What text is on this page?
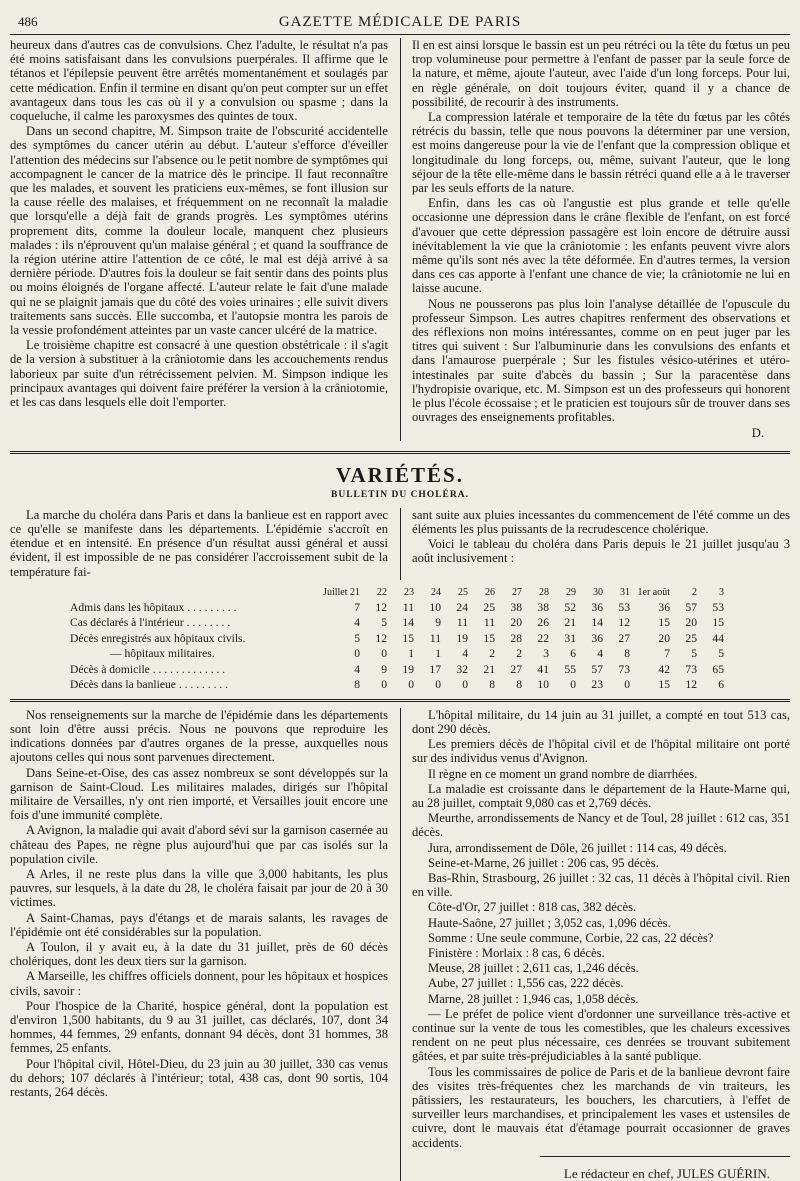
486	GAZETTE MÉDICALE DE PARIS

heureux dans d'autres cas de convulsions. Chez l'adulte, le résultat n'a pas été moins satisfaisant dans les convulsions puerpérales. Il affirme que le tétanos et l'épilepsie peuvent être arrêtés momentanément et soulagés par cette médication. Enfin il termine en disant qu'on peut compter sur un effet avantageux dans tous les cas où il y a convulsion ou spasme ; dans la coqueluche, il calme les paroxysmes des quintes de toux.

Dans un second chapitre, M. Simpson traite de l'obscurité accidentelle des symptômes du cancer utérin au début. L'auteur s'efforce d'éveiller l'attention des médecins sur l'absence ou le petit nombre de symptômes qui accompagnent le cancer de la matrice dès le principe. Il faut reconnaître que les malades, et souvent les praticiens eux-mêmes, se font illusion sur la cause réelle des malaises, et fréquemment on ne reconnaît la maladie que lorsqu'elle a déjà fait de grands progrès. Les symptômes utérins proprement dits, comme la douleur locale, manquent chez plusieurs malades : ils n'éprouvent qu'un malaise général ; et quand la souffrance de la région utérine attire l'attention de ce côté, le mal est déjà arrivé à sa dernière période. D'autres fois la douleur se fait sentir dans des points plus ou moins éloignés de l'organe affecté. L'auteur relate le fait d'une malade qui ne se plaignit jamais que du côté des voies urinaires ; elle suivit divers traitements sans succès. Elle succomba, et l'autopsie montra les parois de la vessie profondément atteintes par un vaste cancer ulcéré de la matrice.

Le troisième chapitre est consacré à une question obstétricale : il s'agit de la version à substituer à la crâniotomie dans les accouchements rendus laborieux par suite d'un rétrécissement pelvien. M. Simpson indique les principaux avantages qui doivent faire préférer la version à la crâniotomie, et les cas dans lesquels elle doit l'emporter.

Il en est ainsi lorsque le bassin est un peu rétréci ou la tête du fœtus un peu trop volumineuse pour permettre à l'enfant de passer par la seule force de la nature, et même, ajoute l'auteur, avec l'aide d'un long forceps. Pour lui, en règle générale, on doit toujours éviter, quand il y a chance de possibilité, de recourir à des instruments.

La compression latérale et temporaire de la tête du fœtus par les côtés rétrécis du bassin, telle que nous pouvons la déterminer par une version, est moins dangereuse pour la vie de l'enfant que la compression oblique et longitudinale du long forceps, ou, même, suivant l'auteur, que le long séjour de la tête elle-même dans le bassin rétréci quand elle a à le traverser par les seuls efforts de la nature.

Enfin, dans les cas où l'angustie est plus grande et telle qu'elle occasionne une dépression dans le crâne flexible de l'enfant, on est forcé d'avouer que cette dépression passagère est loin encore de détruire aussi inévitablement la vie que la crâniotomie : les enfants peuvent vivre alors même qu'ils sont nés avec la tête déformée. En d'autres termes, la version dans ces cas apporte à l'enfant une chance de vie; la crâniotomie ne lui en laisse aucune.

Nous ne pousserons pas plus loin l'analyse détaillée de l'opuscule du professeur Simpson. Les autres chapitres renferment des observations et des réflexions non moins intéressantes, comme on en peut juger par les titres qui suivent : Sur l'albuminurie dans les convulsions des enfants et dans l'amaurose puerpérale ; Sur les fistules vésico-utérines et utéro-intestinales par suite d'abcès du bassin ; Sur la paracentèse dans l'hydropisie ovarique, etc. M. Simpson est un des professeurs qui honorent le plus l'école écossaise ; et le praticien est toujours sûr de trouver dans ses ouvrages des enseignements profitables.

D.
VARIÉTÉS.
BULLETIN DU CHOLÉRA.

La marche du choléra dans Paris et dans la banlieue est en rapport avec ce qu'elle se manifeste dans les départements. L'épidémie s'accroît en étendue et en intensité. En présence d'un résultat aussi général et aussi évident, il est impossible de ne pas considérer l'accroissement subit de la température fai-

sant suite aux pluies incessantes du commencement de l'été comme un des éléments les plus puissants de la recrudescence cholérique.

Voici le tableau du choléra dans Paris depuis le 21 juillet jusqu'au 3 août inclusivement :

	Juillet 21	22	23	24	25	26	27	28	29	30	31	1er août	2	3
Admis dans les hôpitaux . . . . . . . . .	7	12	11	10	24	25	38	38	52	36	53	36	57	53
Cas déclarés à l'intérieur . . . . . . . .	4	5	14	9	11	11	20	26	21	14	12	15	20	15
Décès enregistrés aux hôpitaux civils.	5	12	15	11	19	15	28	22	31	36	27	20	25	44
— hôpitaux militaires.	0	0	1	1	4	2	2	3	6	4	8	7	5	5
Décès à domicile . . . . . . . . . . . . .	4	9	19	17	32	21	27	41	55	57	73	42	73	65
Décès dans la banlieue . . . . . . . . .	8	0	0	0	0	8	8	10	0	23	0	15	12	6

Nos renseignements sur la marche de l'épidémie dans les départements sont loin d'être aussi précis. Nous ne pouvons que reproduire les indications données par d'autres organes de la presse, auxquelles nous ajoutons celles qui nous sont parvenues directement.

Dans Seine-et-Oise, des cas assez nombreux se sont développés sur la garnison de Saint-Cloud. Les militaires malades, dirigés sur l'hôpital militaire de Versailles, n'y ont rien importé, et Versailles jouit encore une fois d'une immunité complète.

A Avignon, la maladie qui avait d'abord sévi sur la garnison casernée au château des Papes, ne règne plus aujourd'hui que par cas isolés sur la population civile.

A Arles, il ne reste plus dans la ville que 3,000 habitants, les plus pauvres, sur lesquels, à la date du 28, le choléra faisait par jour de 20 à 30 victimes.

A Saint-Chamas, pays d'étangs et de marais salants, les ravages de l'épidémie ont été considérables sur la population.

A Toulon, il y avait eu, à la date du 31 juillet, près de 60 décès cholériques, dont les deux tiers sur la garnison.

A Marseille, les chiffres officiels donnent, pour les hôpitaux et hospices civils, savoir :

Pour l'hospice de la Charité, hospice général, dont la population est d'environ 1,500 habitants, du 9 au 31 juillet, cas déclarés, 107, dont 34 hommes, 44 femmes, 29 enfants, donnant 94 décès, dont 31 hommes, 38 femmes, 25 enfants.

Pour l'hôpital civil, Hôtel-Dieu, du 23 juin au 30 juillet, 330 cas venus du dehors; 107 déclarés à l'intérieur; total, 438 cas, dont 90 sortis, 104 restants, 264 décès.

L'hôpital militaire, du 14 juin au 31 juillet, a compté en tout 513 cas, dont 290 décès.

Les premiers décès de l'hôpital civil et de l'hôpital militaire ont porté sur des individus venus d'Avignon.

Il règne en ce moment un grand nombre de diarrhées.

La maladie est croissante dans le département de la Haute-Marne qui, au 28 juillet, comptait 9,080 cas et 2,769 décès.

Meurthe, arrondissements de Nancy et de Toul, 28 juillet : 612 cas, 351 décès.

Jura, arrondissement de Dôle, 26 juillet : 114 cas, 49 décès.

Seine-et-Marne, 26 juillet : 206 cas, 95 décès.

Bas-Rhin, Strasbourg, 26 juillet : 32 cas, 11 décès à l'hôpital civil. Rien en ville.

Côte-d'Or, 27 juillet : 818 cas, 382 décès.

Haute-Saône, 27 juillet ; 3,052 cas, 1,096 décès.

Somme : Une seule commune, Corbie, 22 cas, 22 décès?

Finistère : Morlaix : 8 cas, 6 décès.

Meuse, 28 juillet : 2,611 cas, 1,246 décès.

Aube, 27 juillet : 1,556 cas, 222 décès.

Marne, 28 juillet : 1,946 cas, 1,058 décès.

— Le préfet de police vient d'ordonner une surveillance très-active et continue sur la vente de tous les comestibles, que les chaleurs excessives rendent on ne peut plus nécessaire, ces denrées se trouvant subitement gâtées, et par suite très-préjudiciables à la santé publique.

Tous les commissaires de police de Paris et de la banlieue devront faire des visites très-fréquentes chez les marchands de vin traiteurs, les pâtissiers, les restaurateurs, les bouchers, les charcutiers, à l'effet de surveiller leurs marchandises, et principalement les vases et ustensiles de cuivre, dont le mauvais état d'étamage pourrait occasionner de graves accidents.

Le rédacteur en chef, JULES GUÉRIN.
